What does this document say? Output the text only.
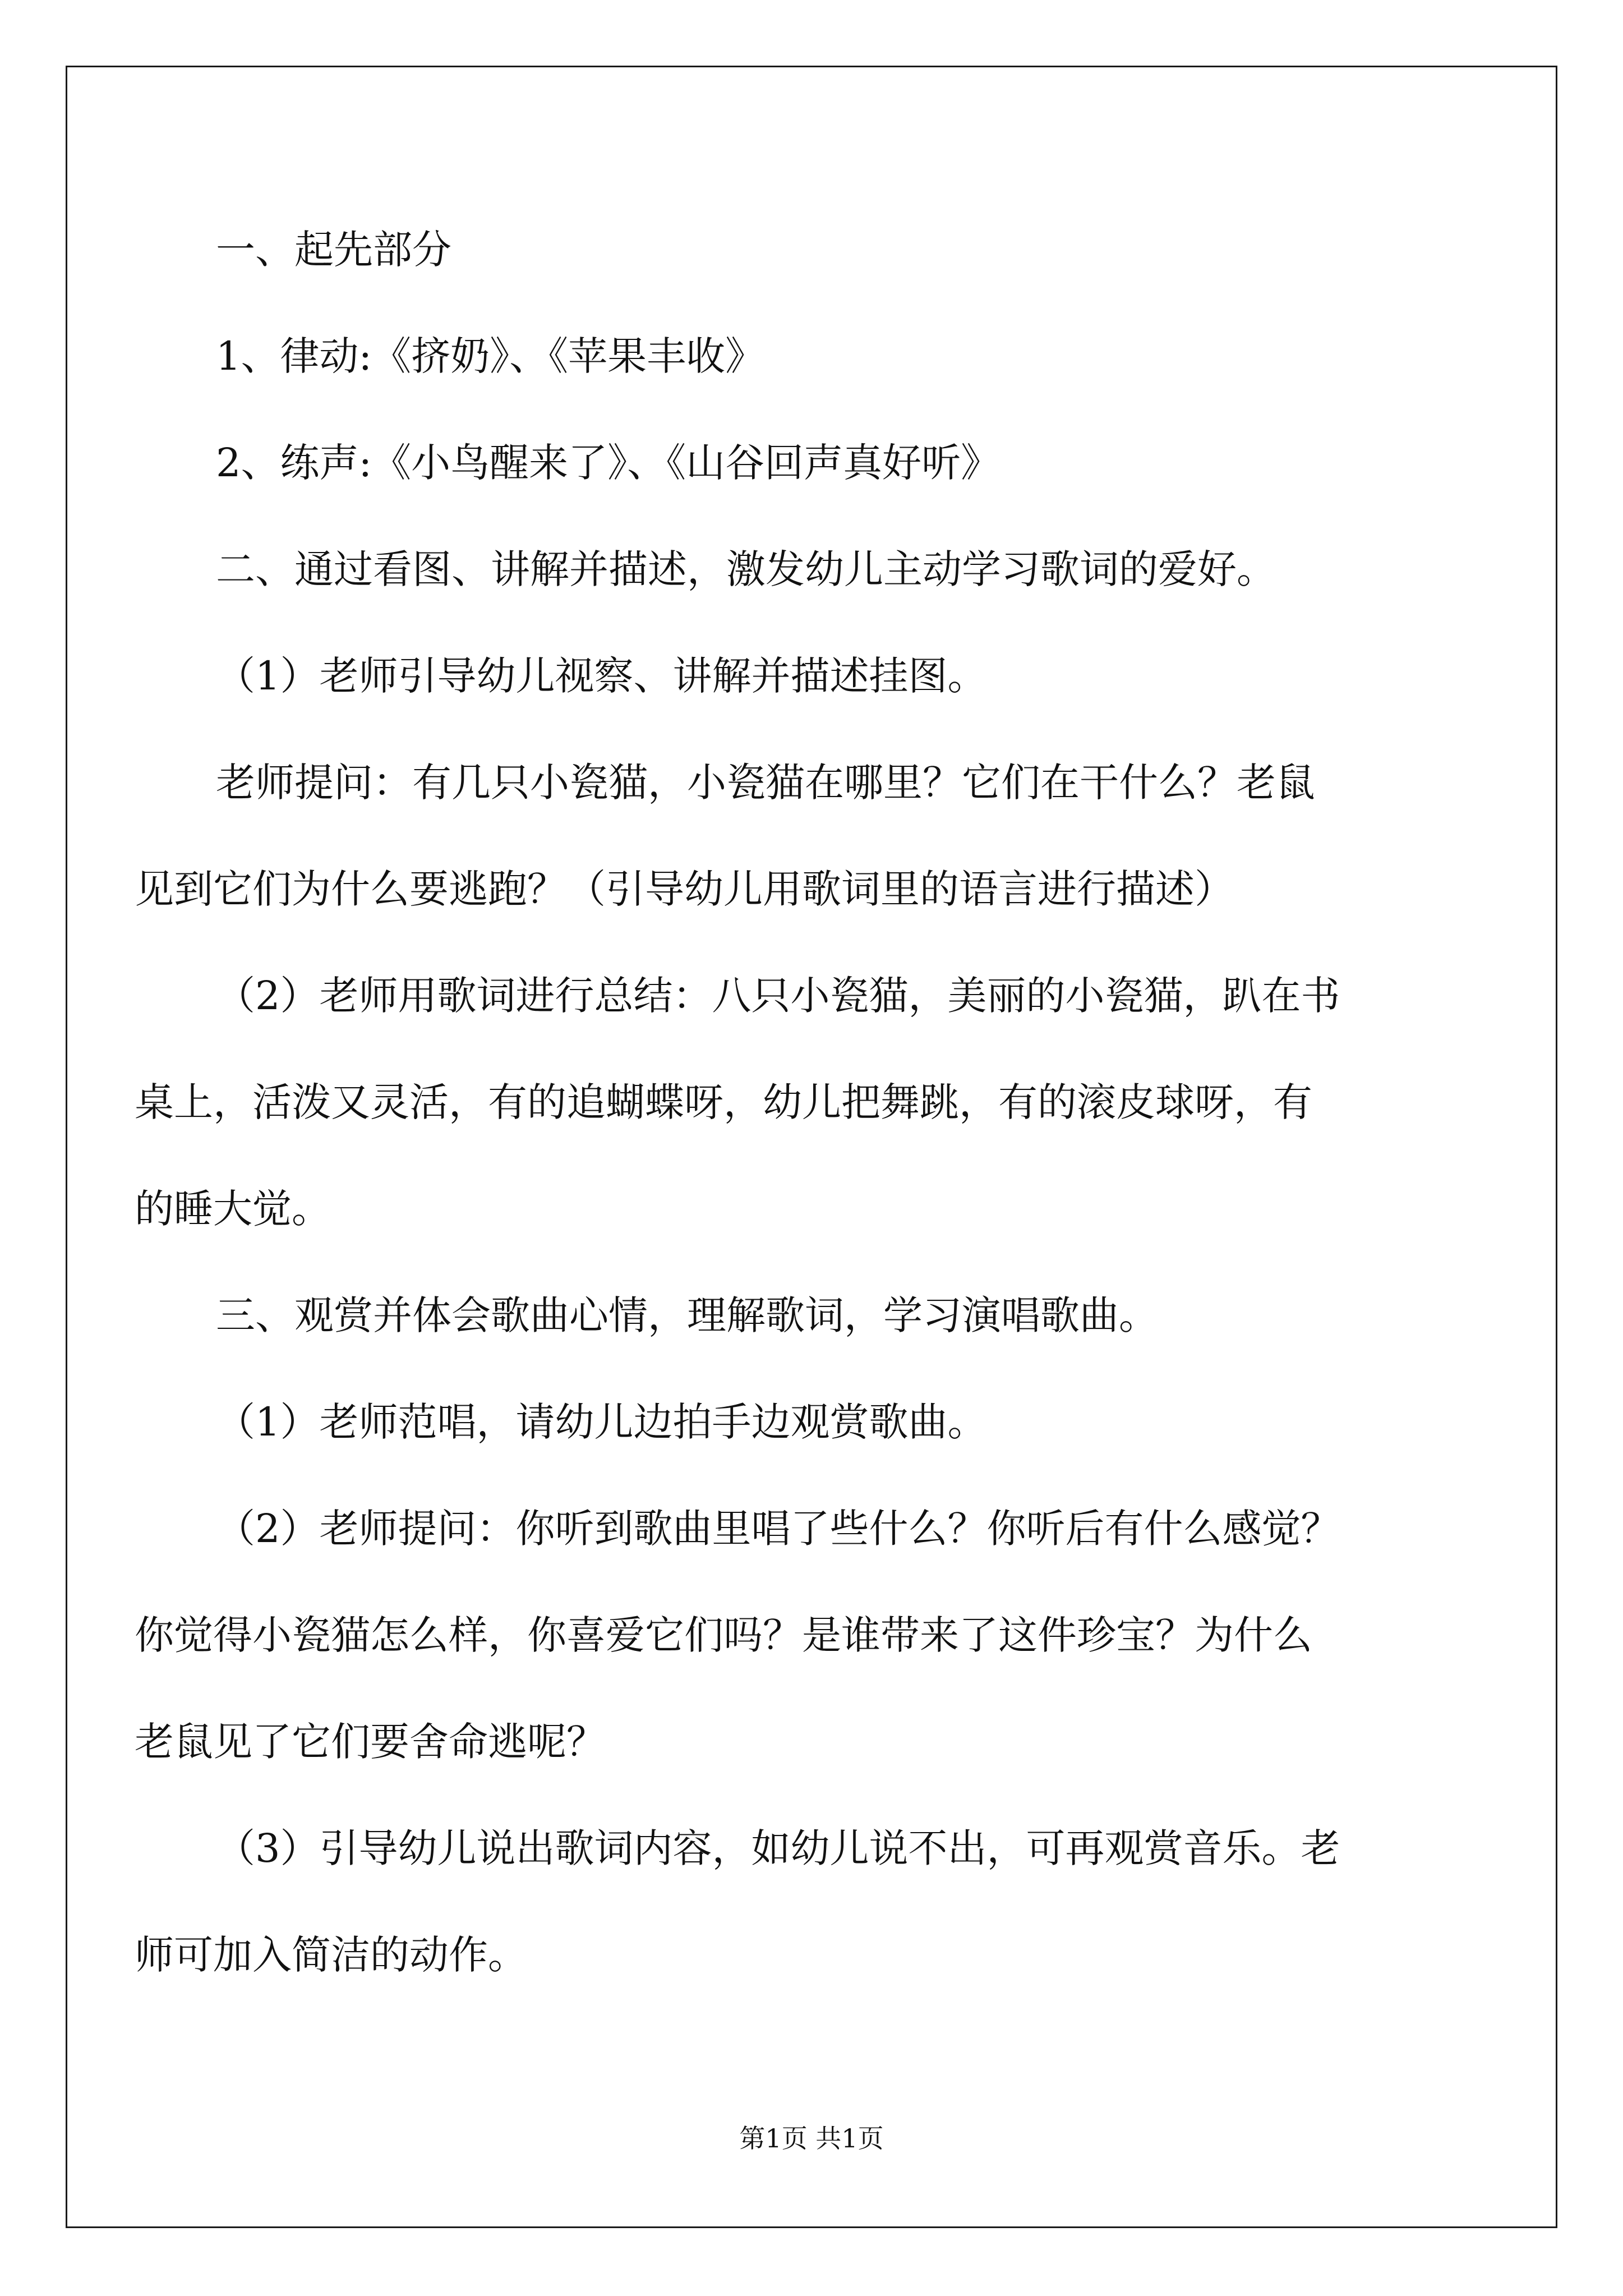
一、起先部分

1、律动:《挤奶》、《苹果丰收》

2、练声:《小鸟醒来了》、《山谷回声真好听》

二、通过看图、讲解并描述，激发幼儿主动学习歌词的爱好。

（1）老师引导幼儿视察、讲解并描述挂图。

老师提问：有几只小瓷猫，小瓷猫在哪里？它们在干什么？老鼠

见到它们为什么要逃跑？（引导幼儿用歌词里的语言进行描述）

（2）老师用歌词进行总结：八只小瓷猫，美丽的小瓷猫，趴在书

桌上，活泼又灵活，有的追蝴蝶呀，幼儿把舞跳，有的滚皮球呀，有

的睡大觉。

三、观赏并体会歌曲心情，理解歌词，学习演唱歌曲。

（1）老师范唱，请幼儿边拍手边观赏歌曲。

（2）老师提问：你听到歌曲里唱了些什么？你听后有什么感觉？

你觉得小瓷猫怎么样，你喜爱它们吗？是谁带来了这件珍宝？为什么

老鼠见了它们要舍命逃呢？

（3）引导幼儿说出歌词内容，如幼儿说不出，可再观赏音乐。老

师可加入简洁的动作。

第1页 共1页
